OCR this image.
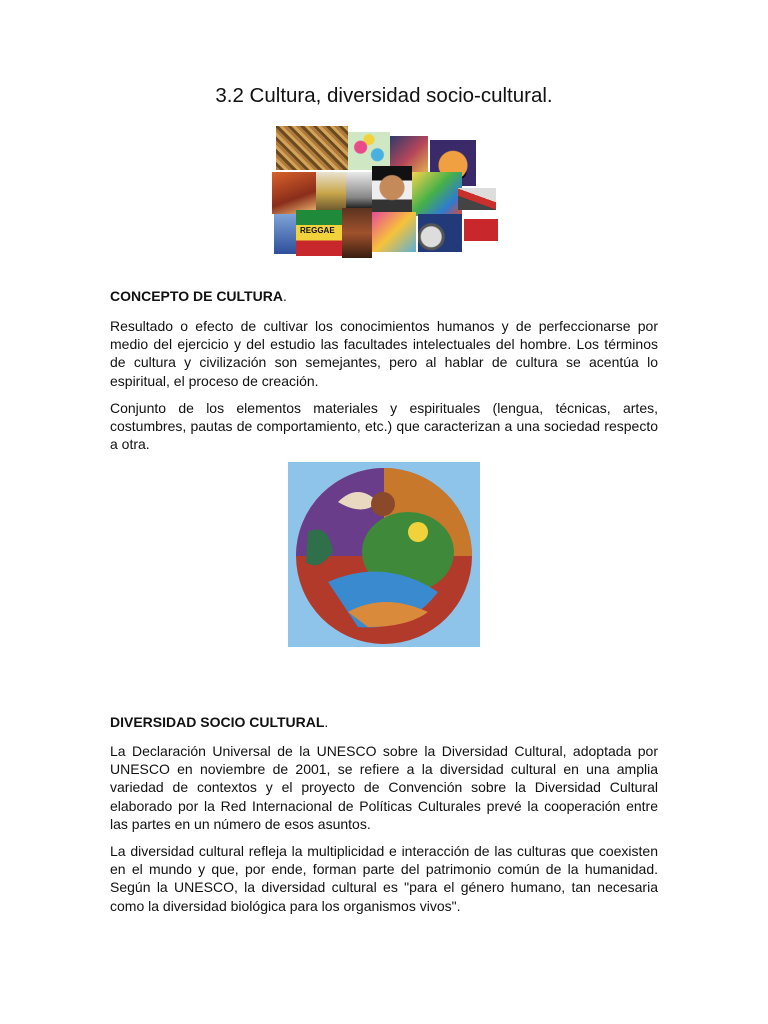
3.2 Cultura, diversidad socio-cultural.
REGGAE

CONCEPTO DE CULTURA.

Resultado o efecto de cultivar los conocimientos humanos y de perfeccionarse por medio del ejercicio y del estudio las facultades intelectuales del hombre. Los términos de cultura y civilización son semejantes, pero al hablar de cultura se acentúa lo espiritual, el proceso de creación.

Conjunto de los elementos materiales y espirituales (lengua, técnicas, artes, costumbres, pautas de comportamiento, etc.) que caracterizan a una sociedad respecto a otra.

DIVERSIDAD SOCIO CULTURAL.

La Declaración Universal de la UNESCO sobre la Diversidad Cultural, adoptada por UNESCO en noviembre de 2001, se refiere a la diversidad cultural en una amplia variedad de contextos y el proyecto de Convención sobre la Diversidad Cultural elaborado por la Red Internacional de Políticas Culturales prevé la cooperación entre las partes en un número de esos asuntos.

La diversidad cultural refleja la multiplicidad e interacción de las culturas que coexisten en el mundo y que, por ende, forman parte del patrimonio común de la humanidad. Según la UNESCO, la diversidad cultural es "para el género humano, tan necesaria como la diversidad biológica para los organismos vivos".
